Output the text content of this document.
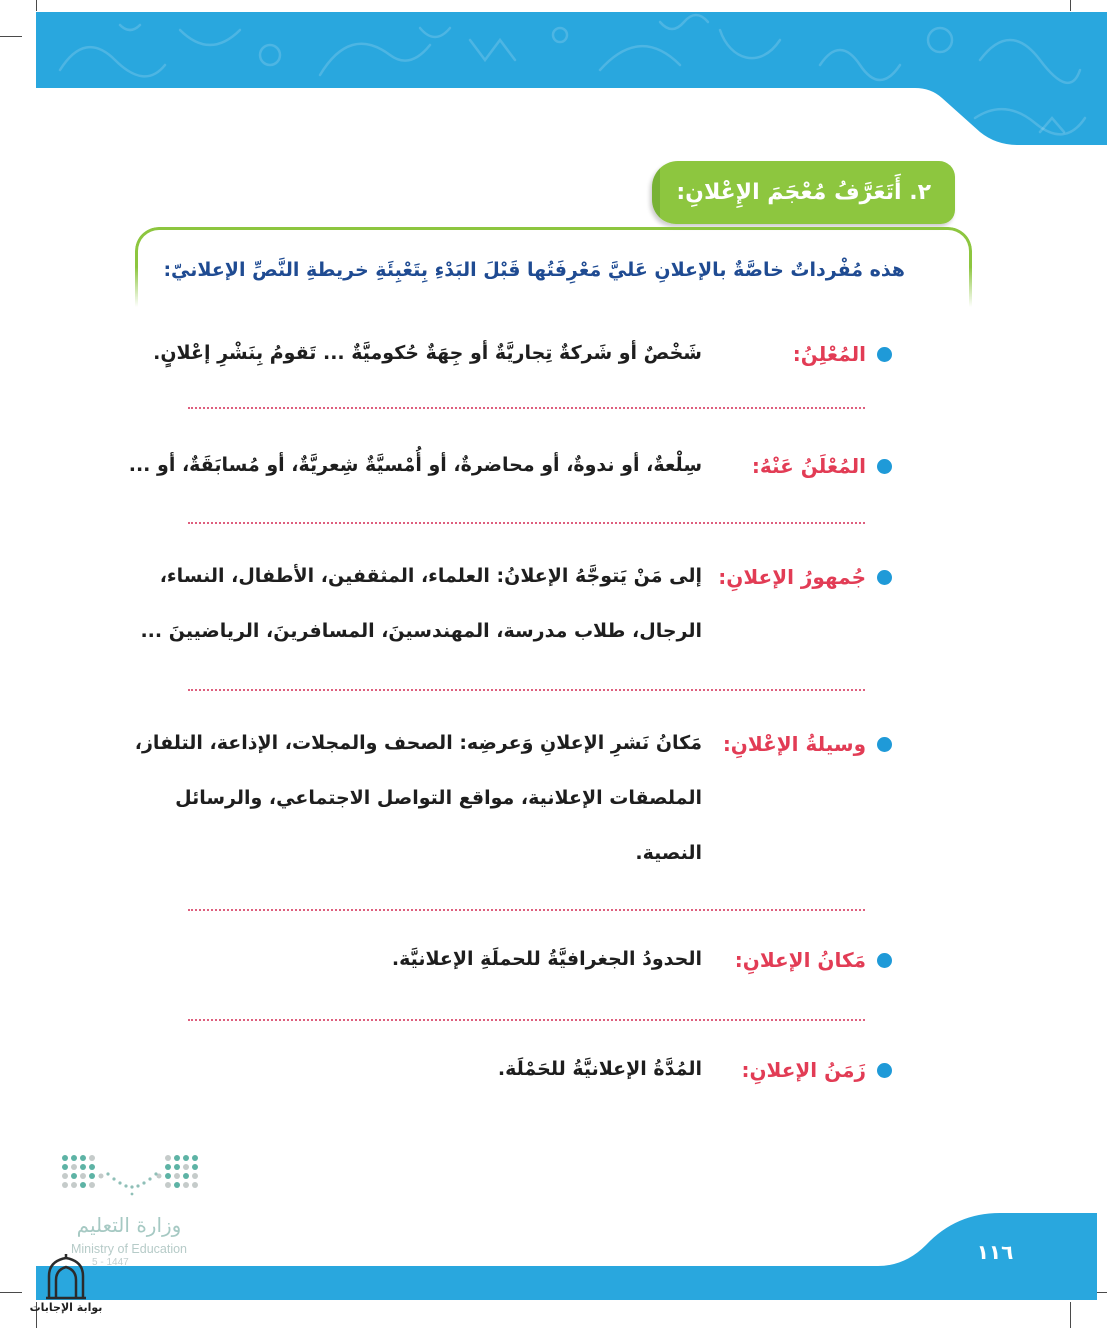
٢. أَتَعَرَّفُ مُعْجَمَ الإِعْلانِ:
هذه مُفْرداتٌ خاصَّةٌ بالإعلانِ عَليَّ مَعْرِفَتُها قَبْلَ البَدْءِ بِتَعْبِئَةِ خريطةِ النَّصِّ الإعلانيّ:
المُعْلِنُ:
شَخْصٌ أو شَركةٌ تِجاريَّةٌ أو جِهَةٌ حُكوميَّةٌ ... تَقومُ بِنَشْرِ إعْلانٍ.
المُعْلَنُ عَنْهُ:
سِلْعةٌ، أو ندوةٌ، أو محاضرةٌ، أو أُمْسيَّةٌ شِعريَّةٌ، أو مُسابَقَةٌ، أو ...
جُمهورُ الإعلانِ:
إلى مَنْ يَتوجَّهُ الإعلانُ: العلماء، المثقفين، الأطفال، النساء،
الرجال، طلاب مدرسة، المهندسينَ، المسافرينَ، الرياضيينَ ...
وسيلةُ الإعْلانِ:
مَكانُ نَشرِ الإعلانِ وَعرضِه: الصحف والمجلات، الإذاعة، التلفاز،
الملصقات الإعلانية، مواقع التواصل الاجتماعي، والرسائل
النصية.
مَكانُ الإعلانِ:
الحدودُ الجغرافيَّةُ للحملَةِ الإعلانيَّة.
زَمَنُ الإعلانِ:
المُدَّةُ الإعلانيَّةُ للحَمْلَة.
وزارة التعليم
Ministry of Education
5 - 1447	١١٦
بوابة الإجابات
